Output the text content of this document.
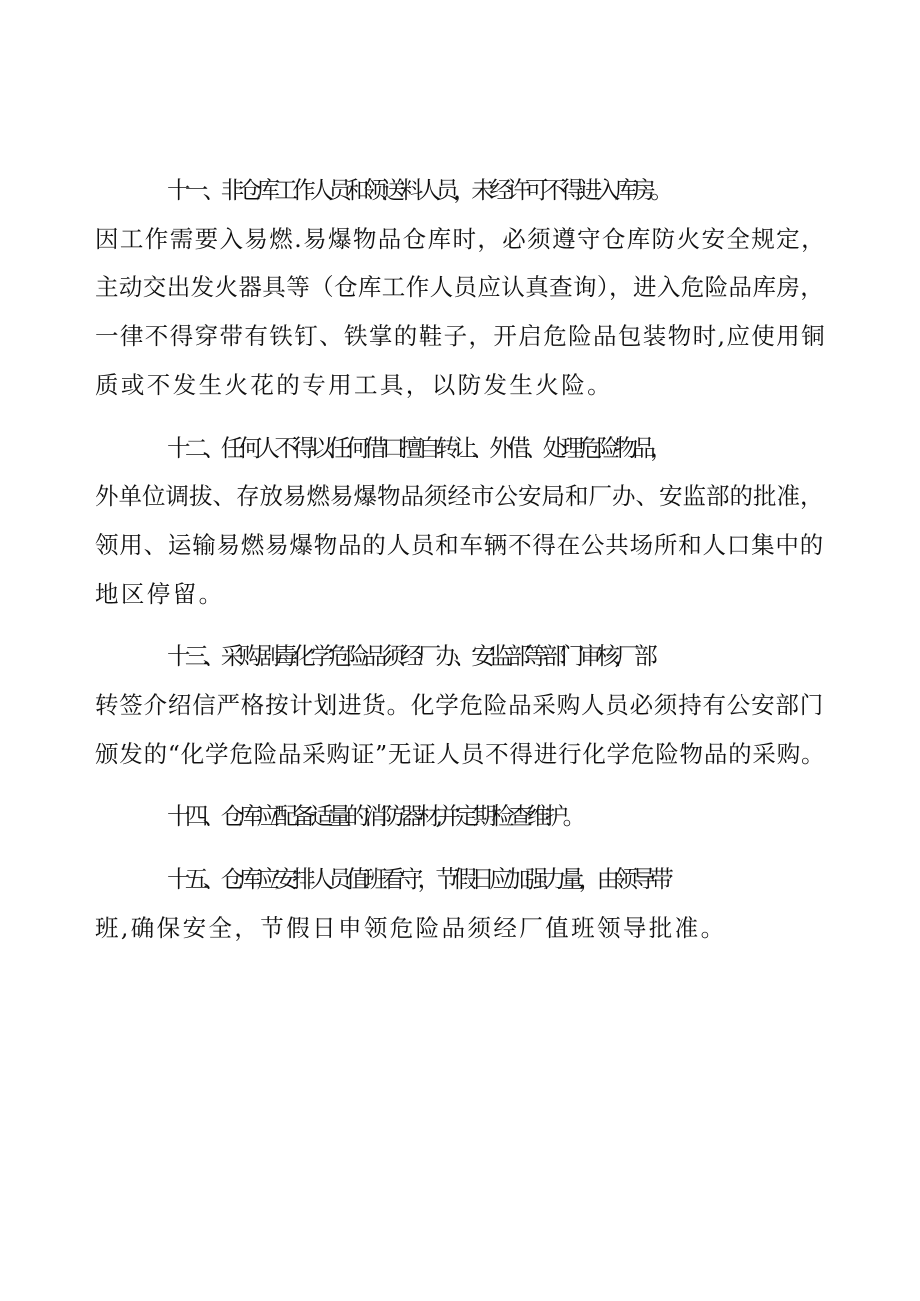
十一、非仓库工作人员和领送料人员，未经许可不得进入库房。
因工作需要入易燃.易爆物品仓库时，必须遵守仓库防火安全规定，
主动交出发火器具等（仓库工作人员应认真查询），进入危险品库房，
一律不得穿带有铁钉、铁掌的鞋子，开启危险品包装物时,应使用铜
质或不发生火花的专用工具，以防发生火险。
十二、任何人不得以任何借口擅自转让、外借、处理危险物品，
外单位调拔、存放易燃易爆物品须经市公安局和厂办、安监部的批准，
领用、运输易燃易爆物品的人员和车辆不得在公共场所和人口集中的
地区停留。
十三、采购剧毒化学危险品须经厂办、安监部等部门审核,厂部
转签介绍信严格按计划进货。化学危险品采购人员必须持有公安部门
颁发的“化学危险品采购证”无证人员不得进行化学危险物品的采购。
十四、仓库应配备适量的消防器材,并定期检查维护。
十五、仓库应安排人员值班看守，节假日应加强力量，由领导带
班,确保安全，节假日申领危险品须经厂值班领导批准。
